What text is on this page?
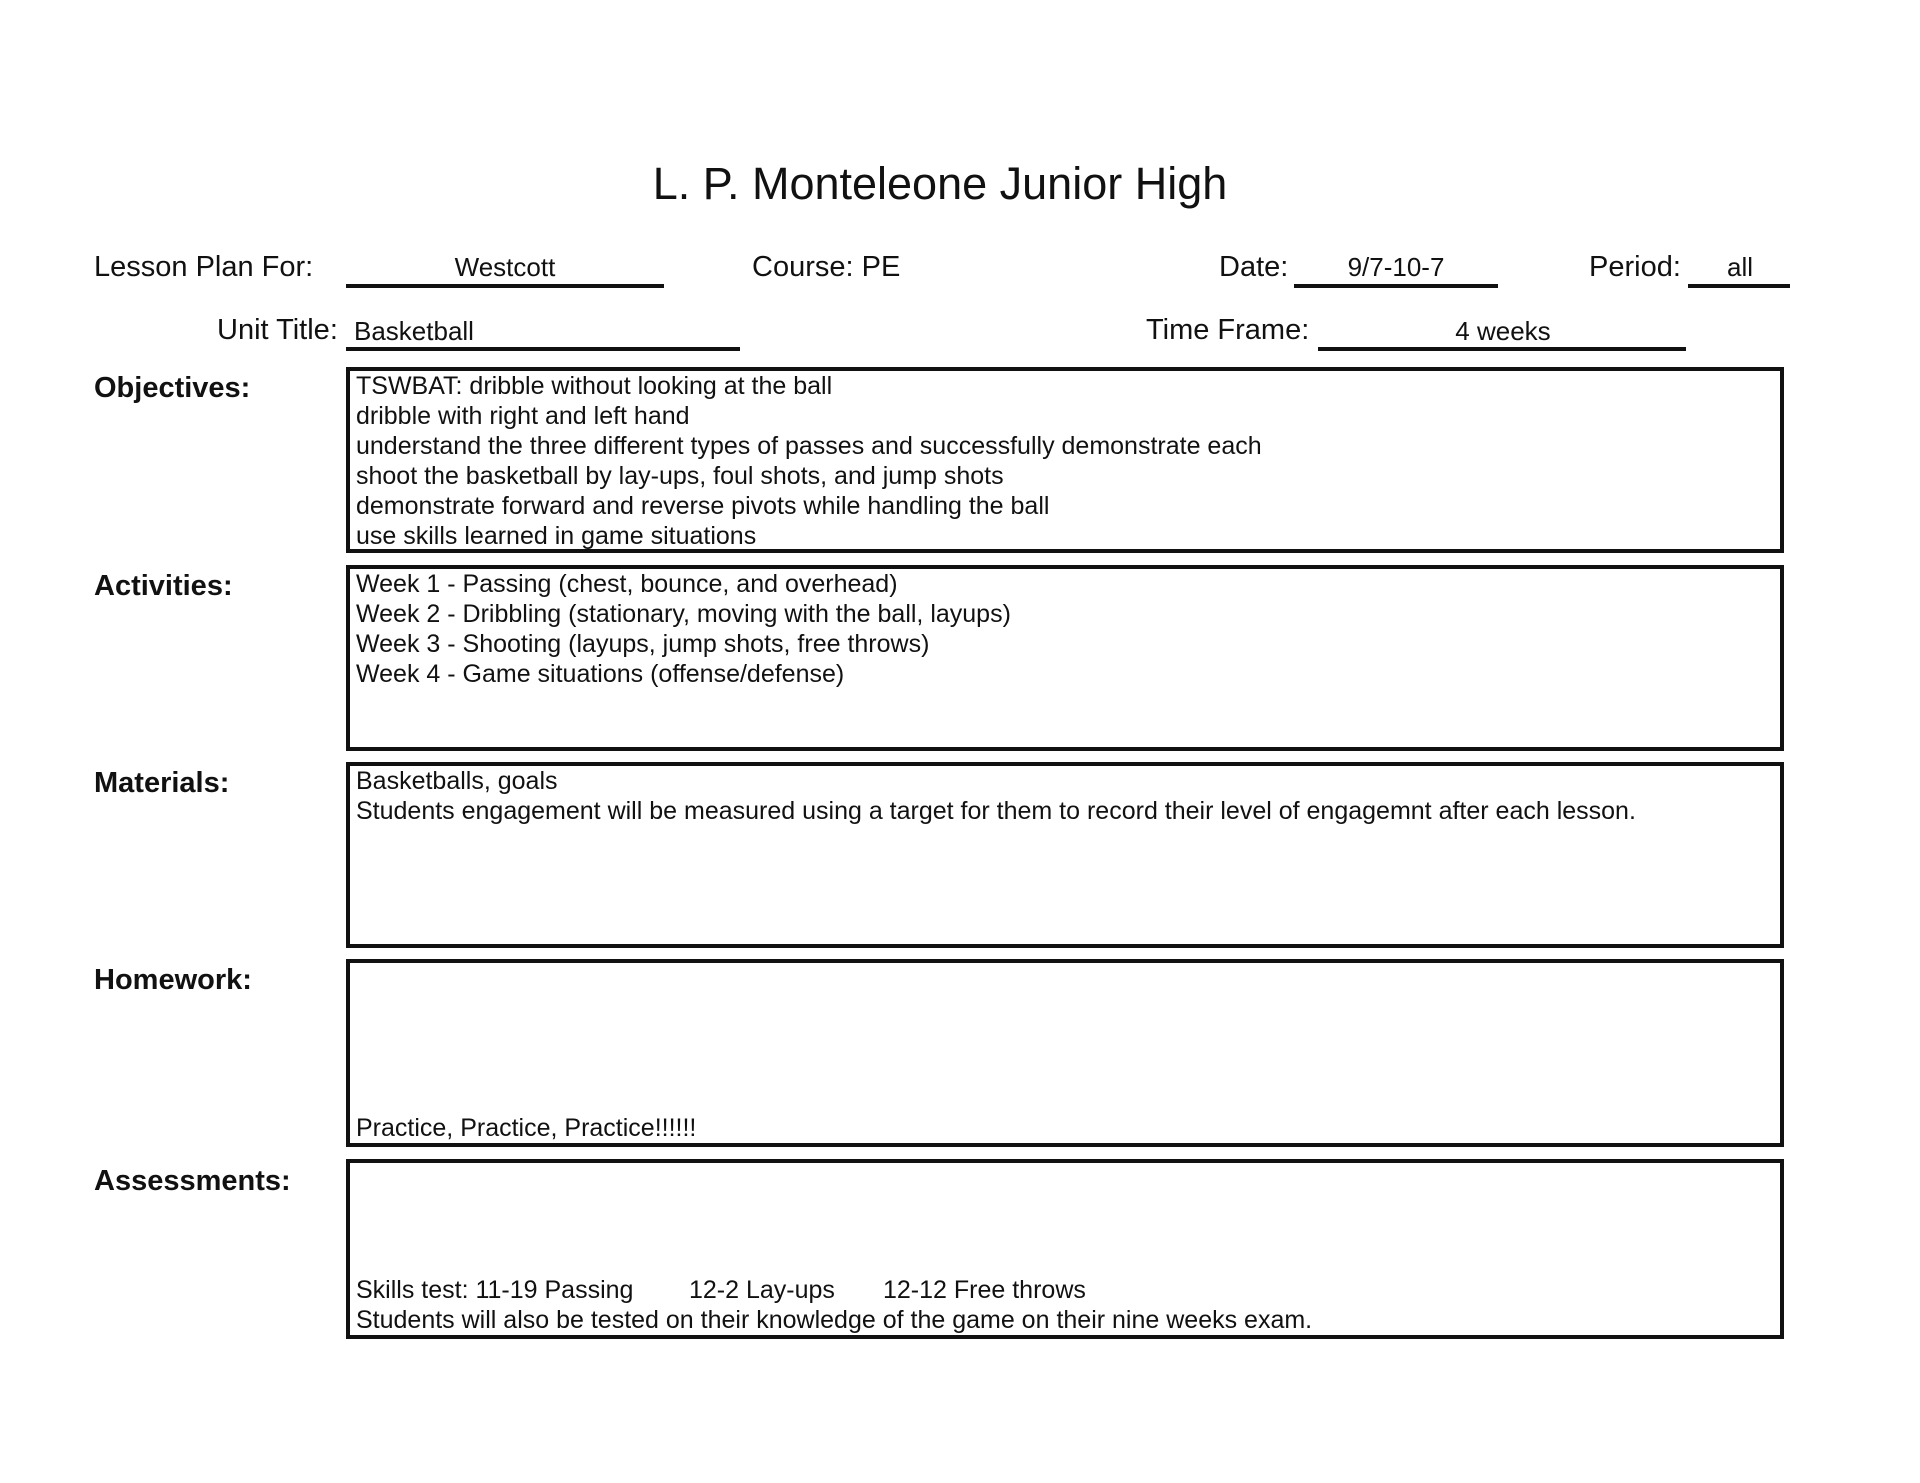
L. P. Monteleone Junior High
Lesson Plan For:	Westcott	Course: PE	Date:	9/7-10-7	Period:	all
Unit Title: Basketball	Time Frame:	4 weeks
Objectives:	TSWBAT: dribble without looking at the ball
dribble with right and left hand
understand the three different types of passes and successfully demonstrate each
shoot the basketball by lay-ups, foul shots, and jump shots
demonstrate forward and reverse pivots while handling the ball
use skills learned in game situations
Activities:	Week 1 - Passing (chest, bounce, and overhead)
Week 2 - Dribbling (stationary, moving with the ball, layups)
Week 3 - Shooting (layups, jump shots, free throws)
Week 4 - Game situations (offense/defense)
Materials:	Basketballs, goals
Students engagement will be measured using a target for them to record their level of engagemnt after each lesson.
Homework:
Practice, Practice, Practice!!!!!!
Assessments:
Skills test: 11-19 Passing 12-2 Lay-ups 12-12 Free throws
Students will also be tested on their knowledge of the game on their nine weeks exam.
